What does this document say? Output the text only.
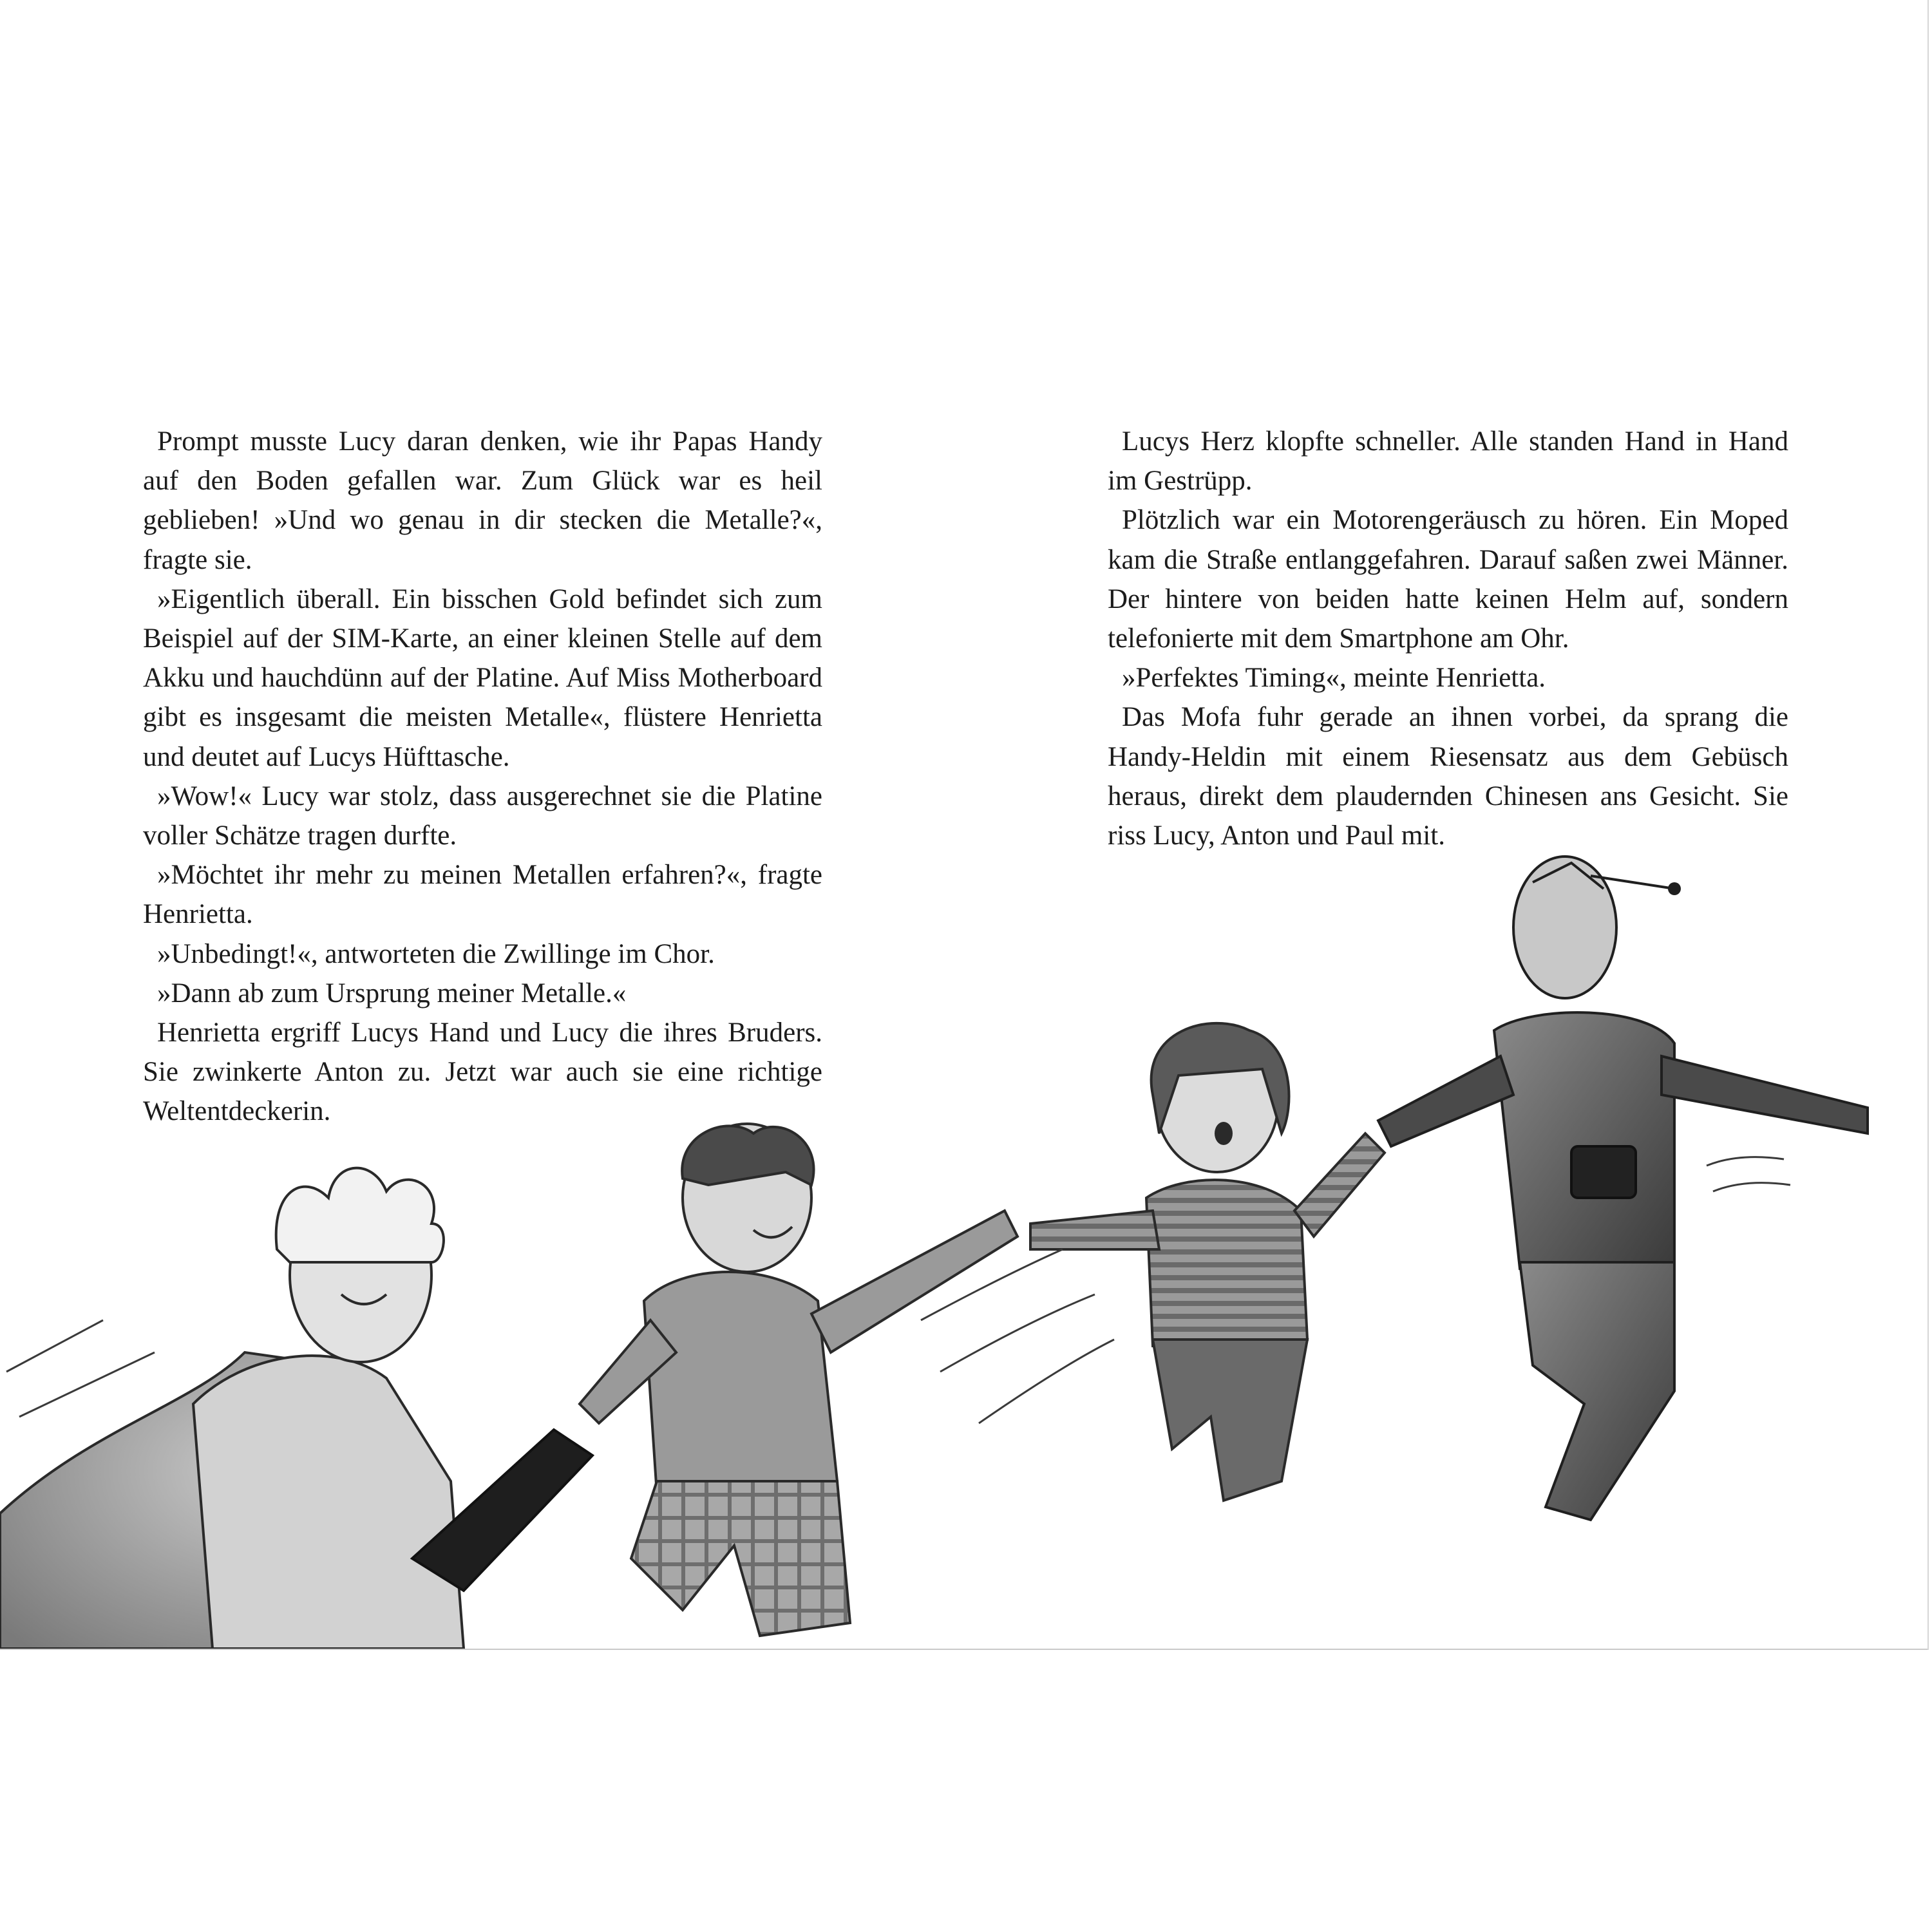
Prompt musste Lucy daran denken, wie ihr Papas Handy auf den Boden gefallen war. Zum Glück war es heil geblieben! »Und wo genau in dir stecken die Metalle?«, fragte sie.

»Eigentlich überall. Ein bisschen Gold befindet sich zum Beispiel auf der SIM-Karte, an einer kleinen Stelle auf dem Akku und hauchdünn auf der Platine. Auf Miss Motherboard gibt es insgesamt die meisten Metalle«, flüstere Henrietta und deutet auf Lucys Hüfttasche.

»Wow!« Lucy war stolz, dass ausgerechnet sie die Platine voller Schätze tragen durfte.

»Möchtet ihr mehr zu meinen Metallen erfahren?«, fragte Henrietta.

»Unbedingt!«, antworteten die Zwillinge im Chor.

»Dann ab zum Ursprung meiner Metalle.«

Henrietta ergriff Lucys Hand und Lucy die ihres Bruders. Sie zwinkerte Anton zu. Jetzt war auch sie eine richtige Weltentdeckerin.

Lucys Herz klopfte schneller. Alle standen Hand in Hand im Gestrüpp.

Plötzlich war ein Motorengeräusch zu hören. Ein Moped kam die Straße entlanggefahren. Darauf saßen zwei Männer. Der hintere von beiden hatte keinen Helm auf, sondern telefonierte mit dem Smartphone am Ohr.

»Perfektes Timing«, meinte Henrietta.

Das Mofa fuhr gerade an ihnen vorbei, da sprang die Handy-Heldin mit einem Riesensatz aus dem Gebüsch heraus, direkt dem plaudernden Chinesen ans Gesicht. Sie riss Lucy, Anton und Paul mit.
